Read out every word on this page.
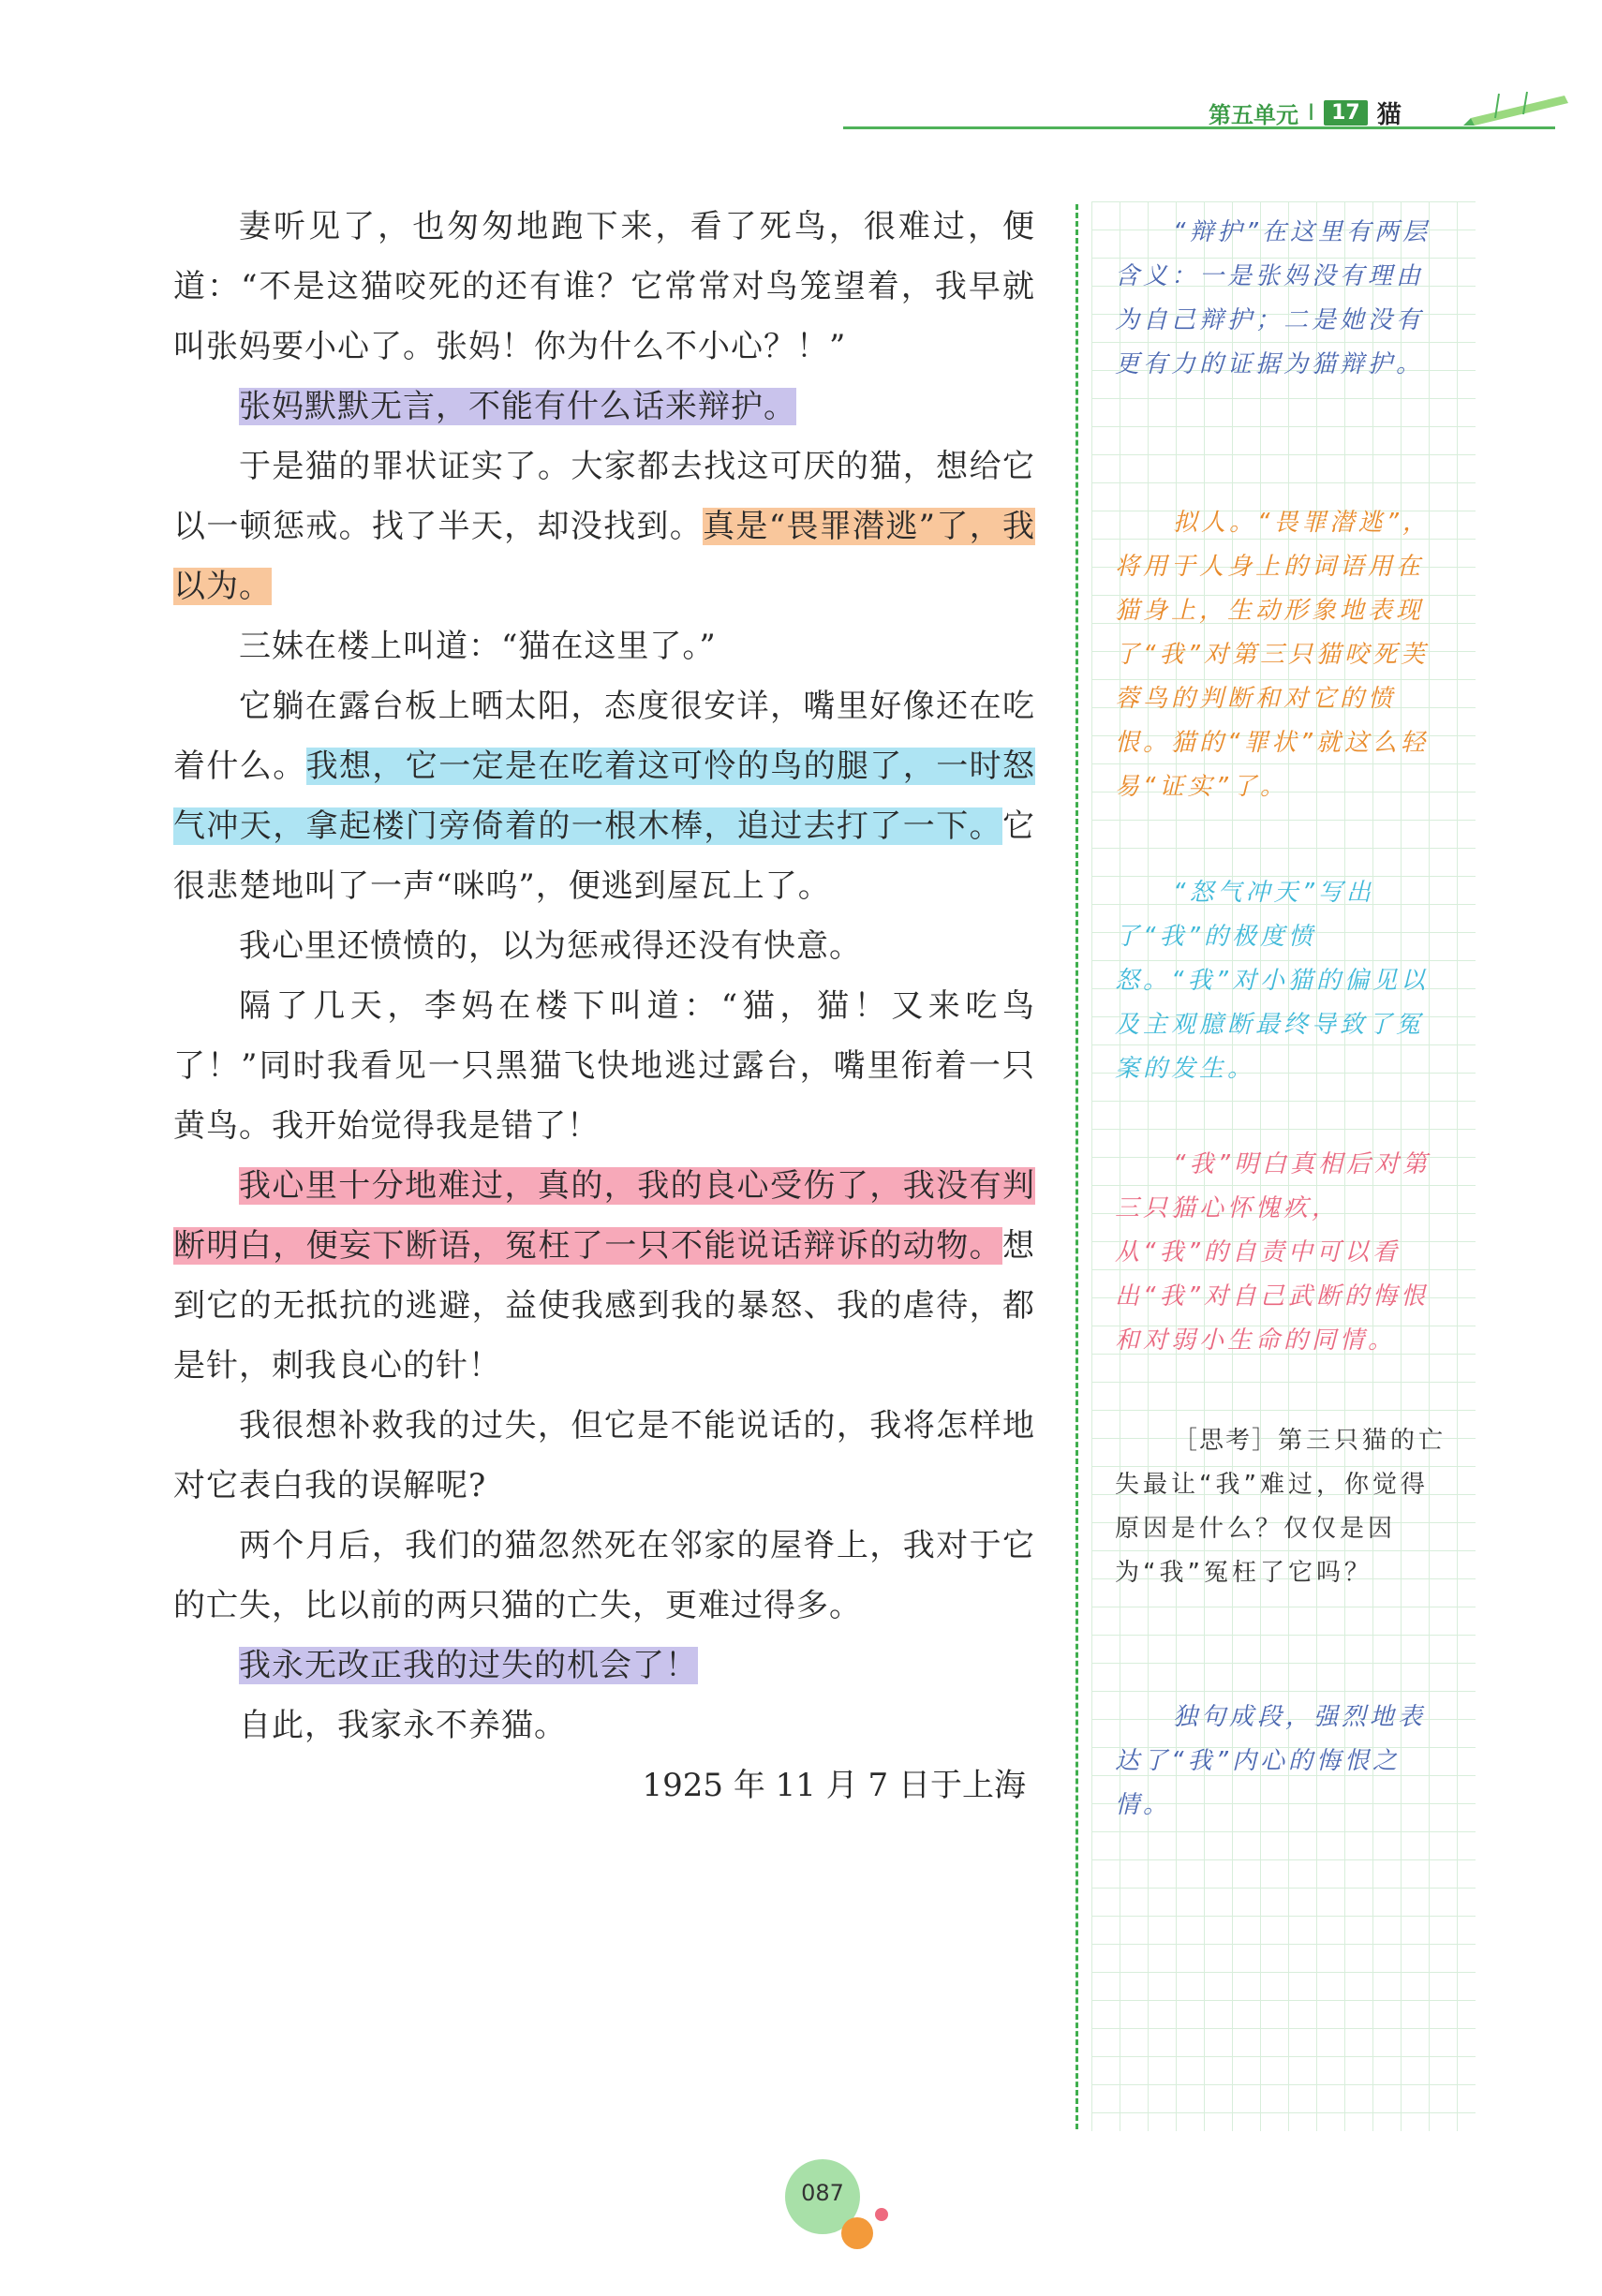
第五单元 I 17 猫

妻听见了，也匆匆地跑下来，看了死鸟，很难过，便道：“不是这猫咬死的还有谁？它常常对鸟笼望着，我早就叫张妈要小心了。张妈！你为什么不小心？！”

张妈默默无言，不能有什么话来辩护。

于是猫的罪状证实了。大家都去找这可厌的猫，想给它以一顿惩戒。找了半天，却没找到。真是“畏罪潜逃”了，我以为。

三妹在楼上叫道：“猫在这里了。”

它躺在露台板上晒太阳，态度很安详，嘴里好像还在吃着什么。我想，它一定是在吃着这可怜的鸟的腿了，一时怒气冲天，拿起楼门旁倚着的一根木棒，追过去打了一下。它很悲楚地叫了一声“咪呜”，便逃到屋瓦上了。

我心里还愤愤的，以为惩戒得还没有快意。

隔了几天，李妈在楼下叫道：“猫，猫！又来吃鸟了！”同时我看见一只黑猫飞快地逃过露台，嘴里衔着一只黄鸟。我开始觉得我是错了！

我心里十分地难过，真的，我的良心受伤了，我没有判断明白，便妄下断语，冤枉了一只不能说话辩诉的动物。想到它的无抵抗的逃避，益使我感到我的暴怒、我的虐待，都是针，刺我良心的针！

我很想补救我的过失，但它是不能说话的，我将怎样地对它表白我的误解呢?

两个月后，我们的猫忽然死在邻家的屋脊上，我对于它的亡失，比以前的两只猫的亡失，更难过得多。

我永无改正我的过失的机会了！

自此，我家永不养猫。

1925 年 11 月 7 日于上海

“辩护”在这里有两层含义：一是张妈没有理由为自己辩护；二是她没有更有力的证据为猫辩护。
拟人。“畏罪潜逃”，将用于人身上的词语用在猫身上，生动形象地表现了“我”对第三只猫咬死芙蓉鸟的判断和对它的愤恨。猫的“罪状”就这么轻易“证实”了。
“怒气冲天”写出了“我”的极度愤怒。“我”对小猫的偏见以及主观臆断最终导致了冤案的发生。
“我”明白真相后对第三只猫心怀愧疚，从“我”的自责中可以看出“我”对自己武断的悔恨和对弱小生命的同情。
［思考］第三只猫的亡失最让“我”难过，你觉得原因是什么？仅仅是因为“我”冤枉了它吗？
独句成段，强烈地表达了“我”内心的悔恨之情。
087
